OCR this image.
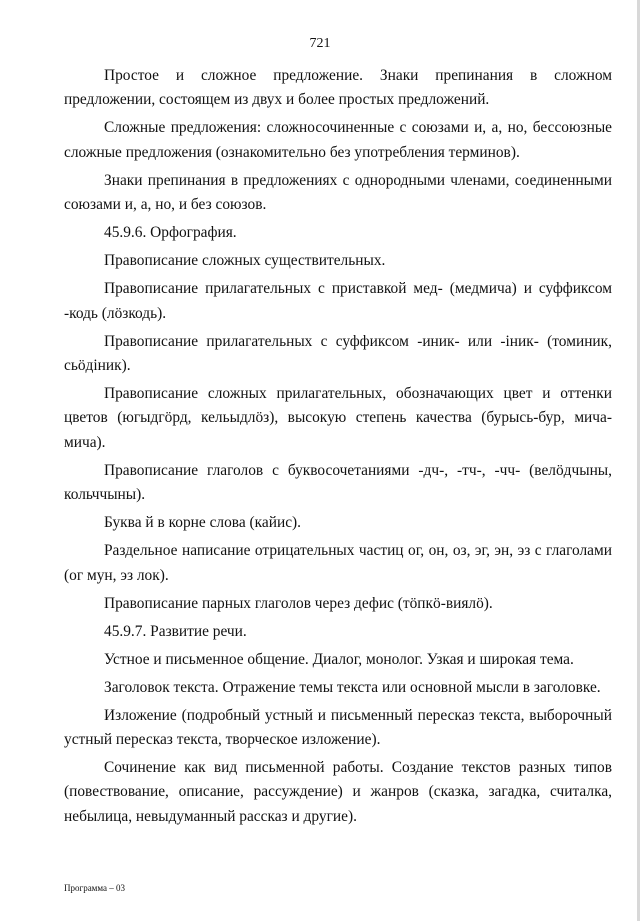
721

Простое и сложное предложение. Знаки препинания в сложном предложении, состоящем из двух и более простых предложений.

Сложные предложения: сложносочиненные с союзами и, а, но, бессоюзные сложные предложения (ознакомительно без употребления терминов).

Знаки препинания в предложениях с однородными членами, соединенными союзами и, а, но, и без союзов.

45.9.6. Орфография.

Правописание сложных существительных.

Правописание прилагательных с приставкой мед- (медмича) и суффиксом -кодь (лӧзкодь).

Правописание прилагательных с суффиксом -иник- или -iник- (томиник, сьӧдiник).

Правописание сложных прилагательных, обозначающих цвет и оттенки цветов (югыдгӧрд, кельыдлӧз), высокую степень качества (бурысь-бур, мича-мича).

Правописание глаголов с буквосочетаниями -дч-, -тч-, -чч- (велӧдчыны, кольччыны).

Буква й в корне слова (кайис).

Раздельное написание отрицательных частиц ог, он, оз, эг, эн, эз с глаголами (ог мун, эз лок).

Правописание парных глаголов через дефис (тӧпкӧ-виялӧ).

45.9.7. Развитие речи.

Устное и письменное общение. Диалог, монолог. Узкая и широкая тема.

Заголовок текста. Отражение темы текста или основной мысли в заголовке.

Изложение (подробный устный и письменный пересказ текста, выборочный устный пересказ текста, творческое изложение).

Сочинение как вид письменной работы. Создание текстов разных типов (повествование, описание, рассуждение) и жанров (сказка, загадка, считалка, небылица, невыдуманный рассказ и другие).

Программа – 03
